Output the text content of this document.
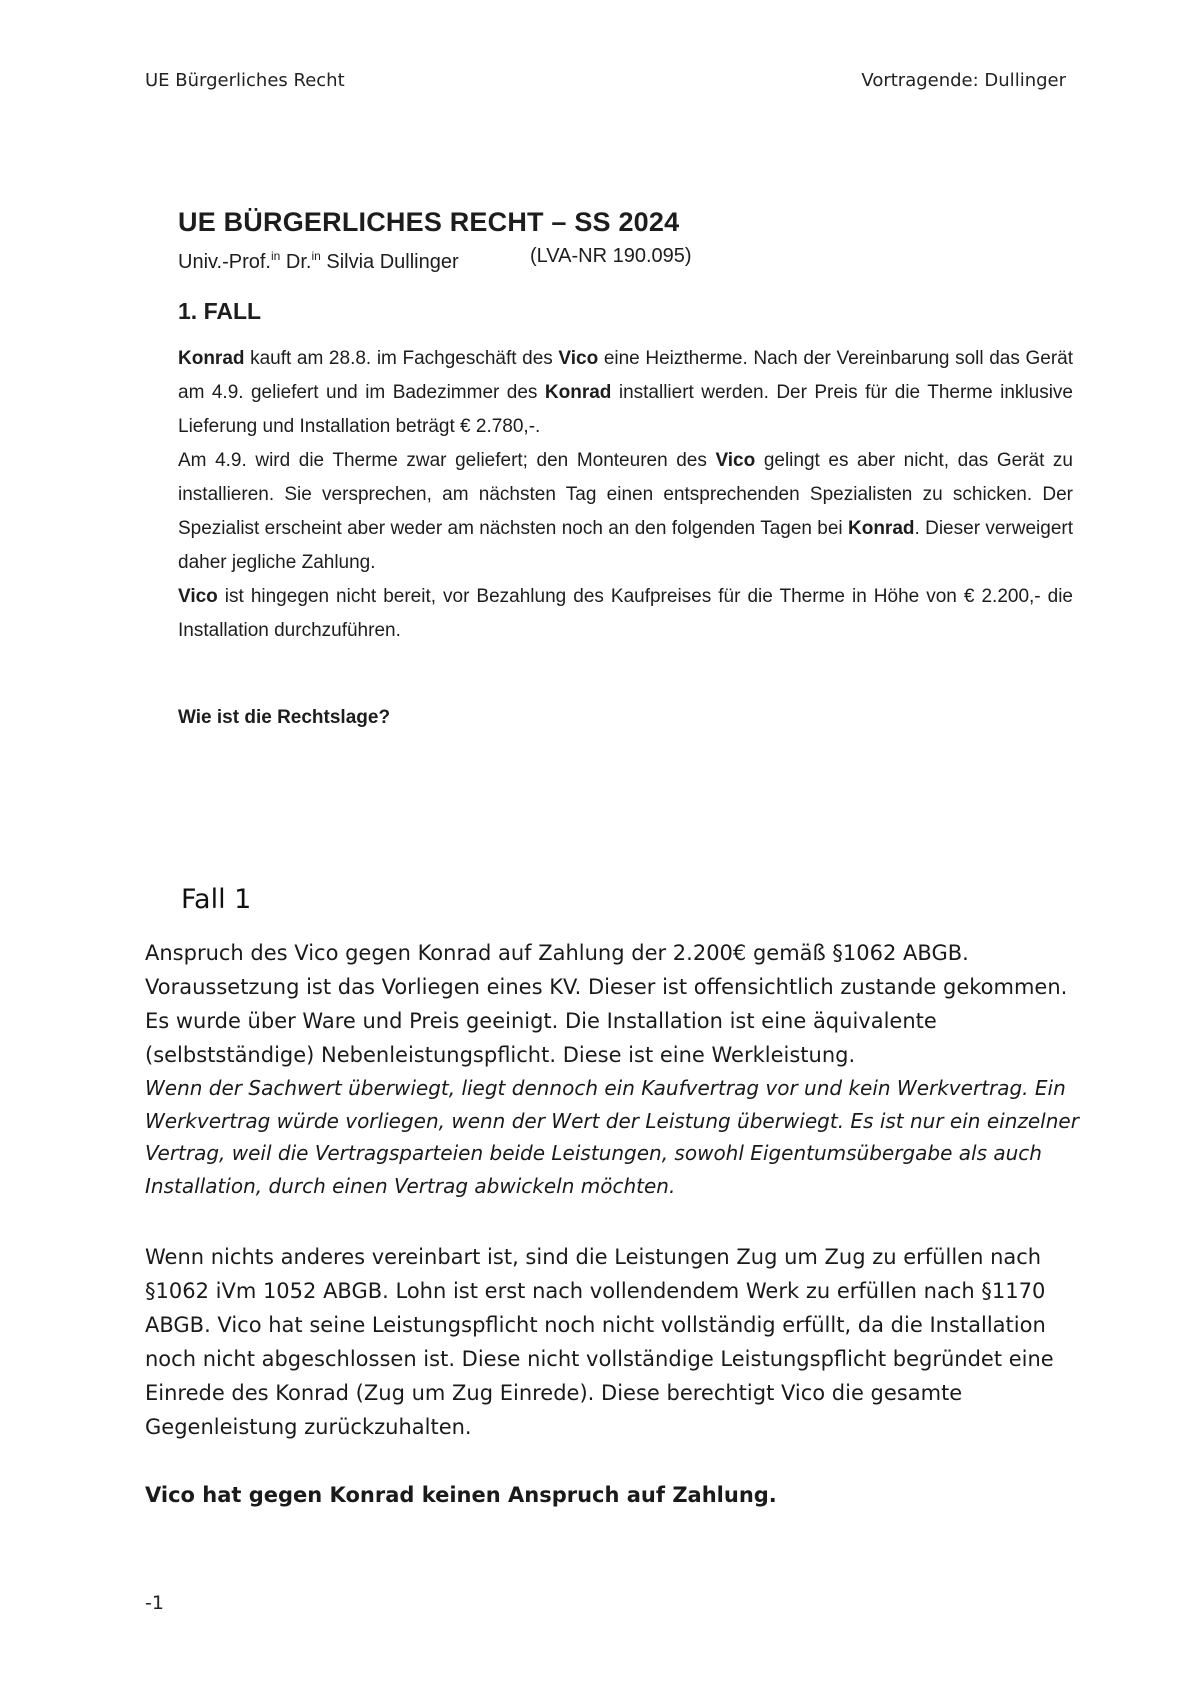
UE Bürgerliches Recht	Vortragende: Dullinger

UE BÜRGERLICHES RECHT – SS 2024

Univ.-Prof.$^{in}$ Dr.$^{in}$ Silvia Dullinger	(LVA-NR 190.095)

1. FALL

Konrad kauft am 28.8. im Fachgeschäft des Vico eine Heiztherme. Nach der Vereinbarung soll das Gerät am 4.9. geliefert und im Badezimmer des Konrad installiert werden. Der Preis für die Therme inklusive Lieferung und Installation beträgt € 2.780,-.

Am 4.9. wird die Therme zwar geliefert; den Monteuren des Vico gelingt es aber nicht, das Gerät zu installieren. Sie versprechen, am nächsten Tag einen entsprechenden Spezialisten zu schicken. Der Spezialist erscheint aber weder am nächsten noch an den folgenden Tagen bei Konrad. Dieser verweigert daher jegliche Zahlung.

Vico ist hingegen nicht bereit, vor Bezahlung des Kaufpreises für die Therme in Höhe von € 2.200,- die Installation durchzuführen.

Wie ist die Rechtslage?

Fall 1

Anspruch des Vico gegen Konrad auf Zahlung der 2.200€ gemäß §1062 ABGB.

Voraussetzung ist das Vorliegen eines KV. Dieser ist offensichtlich zustande gekommen. Es wurde über Ware und Preis geeinigt. Die Installation ist eine äquivalente (selbstständige) Nebenleistungspflicht. Diese ist eine Werkleistung.

Wenn der Sachwert überwiegt, liegt dennoch ein Kaufvertrag vor und kein Werkvertrag. Ein Werkvertrag würde vorliegen, wenn der Wert der Leistung überwiegt. Es ist nur ein einzelner Vertrag, weil die Vertragsparteien beide Leistungen, sowohl Eigentumsübergabe als auch Installation, durch einen Vertrag abwickeln möchten.

Wenn nichts anderes vereinbart ist, sind die Leistungen Zug um Zug zu erfüllen nach §1062 iVm 1052 ABGB. Lohn ist erst nach vollendendem Werk zu erfüllen nach §1170 ABGB. Vico hat seine Leistungspflicht noch nicht vollständig erfüllt, da die Installation noch nicht abgeschlossen ist. Diese nicht vollständige Leistungspflicht begründet eine Einrede des Konrad (Zug um Zug Einrede). Diese berechtigt Vico die gesamte Gegenleistung zurückzuhalten.

Vico hat gegen Konrad keinen Anspruch auf Zahlung.

-1
